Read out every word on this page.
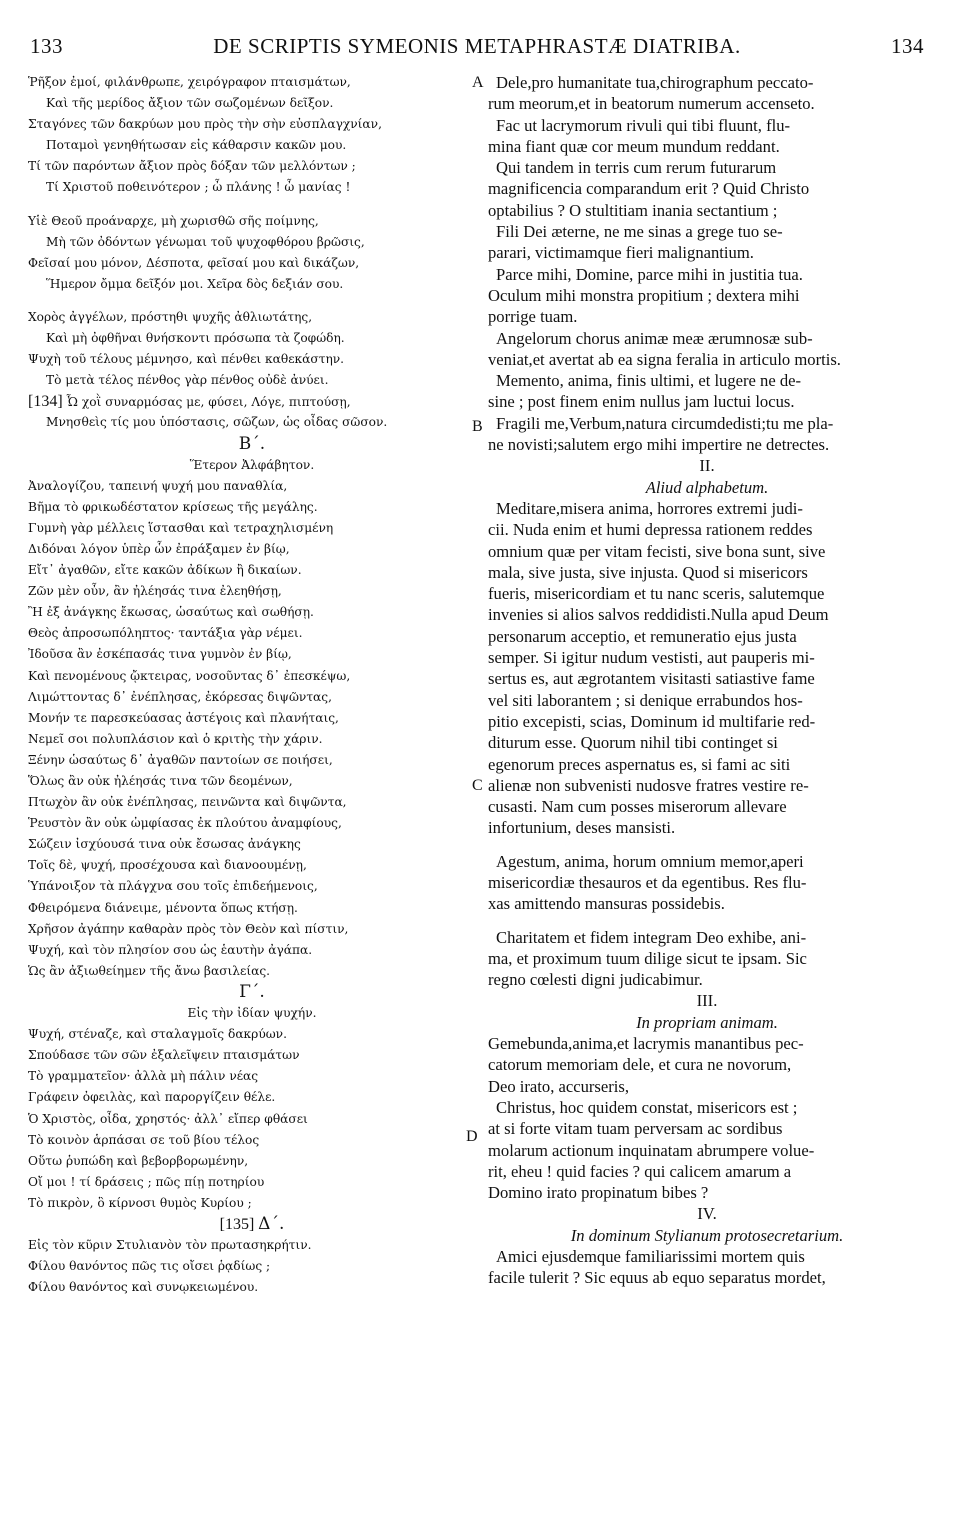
133	DE SCRIPTIS SYMEONIS METAPHRASTÆ DIATRIBA.	134
A
B
C
D
Ῥῆξον ἐμοί, φιλάνθρωπε, χειρόγραφον πταισμάτων,
Καὶ τῆς μερίδος ἄξιον τῶν σωζομένων δεῖξον.
Σταγόνες τῶν δακρύων μου πρὸς τὴν σὴν εὐσπλαγχνίαν,
Ποταμοὶ γενηθήτωσαν εἰς κάθαρσιν κακῶν μου.
Τί τῶν παρόντων ἄξιον πρὸς δόξαν τῶν μελλόντων ;
Τί Χριστοῦ ποθεινότερον ; ὦ πλάνης ! ὦ μανίας !
Υἱὲ Θεοῦ προάναρχε, μὴ χωρισθῶ σῆς ποίμνης,
Μὴ τῶν ὀδόντων γένωμαι τοῦ ψυχοφθόρου βρῶσις,
Φεῖσαί μου μόνον, Δέσποτα, φεῖσαί μου καὶ δικάζων,
Ἥμερον ὄμμα δεῖξόν μοι. Χεῖρα δὸς δεξιάν σου.
Χορὸς ἀγγέλων, πρόστηθι ψυχῆς ἀθλιωτάτης,
Καὶ μὴ ὀφθῆναι θνήσκοντι πρόσωπα τὰ ζοφώδη.
Ψυχὴ τοῦ τέλους μέμνησο, καὶ πένθει καθεκάστην.
Τὸ μετὰ τέλος πένθος γὰρ πένθος οὐδὲ ἀνύει.
[134] Ὦ χοῒ συναρμόσας με, φύσει, Λόγε, πιπτούσῃ,
Μνησθεὶς τίς μου ὑπόστασις, σῶζων, ὡς οἶδας σῶσον.
Β΄.
Ἕτερον Ἀλφάβητον.
Ἀναλογίζου, ταπεινή ψυχή μου παναθλία,
Βῆμα τὸ φρικωδέστατον κρίσεως τῆς μεγάλης.
Γυμνὴ γὰρ μέλλεις ἵστασθαι καὶ τετραχηλισμένη
Διδόναι λόγον ὑπὲρ ὧν ἐπράξαμεν ἐν βίῳ,
Εἴτ᾽ ἀγαθῶν, εἴτε κακῶν ἀδίκων ἢ δικαίων.
Ζῶν μὲν οὖν, ἂν ἠλέησάς τινα ἐλεηθήσῃ,
Ἢ ἐξ ἀνάγκης ἔκωσας, ὡσαύτως καὶ σωθήσῃ.
Θεὸς ἀπροσωπόληπτος· ταντάξια γὰρ νέμει.
Ἰδοῦσα ἂν ἐσκέπασάς τινα γυμνὸν ἐν βίῳ,
Καὶ πενομένους ᾤκτειρας, νοσοῦντας δ᾽ ἐπεσκέψω,
Λιμώττοντας δ᾽ ἐνέπλησας, ἐκόρεσας διψῶντας,
Μονήν τε παρεσκεύασας ἀστέγοις καὶ πλανήταις,
Νεμεῖ σοι πολυπλάσιον καὶ ὁ κριτὴς τὴν χάριν.
Ξένην ὡσαύτως δ᾽ ἀγαθῶν παντοίων σε ποιήσει,
Ὅλως ἂν οὐκ ἠλέησάς τινα τῶν δεομένων,
Πτωχὸν ἂν οὐκ ἐνέπλησας, πεινῶντα καὶ διψῶντα,
Ῥευστὸν ἂν οὐκ ὠμφίασας ἐκ πλούτου ἀναμφίους,
Σώζειν ἰσχύουσά τινα οὐκ ἔσωσας ἀνάγκης
Τοῖς δὲ, ψυχή, προσέχουσα καὶ διανοουμένῃ,
Ὑπάνοιξον τὰ πλάγχνα σου τοῖς ἐπιδεήμενοις,
Φθειρόμενα διάνειμε, μένοντα ὅπως κτήσῃ.
Χρῆσον ἀγάπην καθαρὰν πρὸς τὸν Θεὸν καὶ πίστιν,
Ψυχή, καὶ τὸν πλησίον σου ὡς ἑαυτὴν ἀγάπα.
Ὡς ἂν ἀξιωθείημεν τῆς ἄνω βασιλείας.
Γ΄.
Εἰς τὴν ἰδίαν ψυχήν.
Ψυχή, στέναζε, καὶ σταλαγμοῖς δακρύων.
Σπούδασε τῶν σῶν ἐξαλεῖψειν πταισμάτων
Τὸ γραμματεῖον· ἀλλὰ μὴ πάλιν νέας
Γράφειν ὀφειλὰς, καὶ παροργίζειν θέλε.
Ὁ Χριστὸς, οἶδα, χρηστός· ἀλλ᾽ εἴπερ φθάσει
Τὸ κοινὸν ἁρπάσαι σε τοῦ βίου τέλος
Οὕτω ῥυπώδη καὶ βεβορβορωμένην,
Οἴ μοι ! τί δράσεις ; πῶς πίῃ ποτηρίου
Τὸ πικρὸν, ὃ κίρνοσι θυμὸς Κυρίου ;
[135] Δ΄.
Εἰς τὸν κῦριν Στυλιανὸν τὸν πρωτασηκρήτιν.
Φίλου θανόντος πῶς τις οἴσει ῥᾳδίως ;
Φίλου θανόντος καὶ συνῳκειωμένου.
Dele,pro humanitate tua,chirographum peccato-
rum meorum,et in beatorum numerum accenseto.
Fac ut lacrymorum rivuli qui tibi fluunt, flu-
mina fiant quæ cor meum mundum reddant.
Qui tandem in terris cum rerum futurarum
magnificencia comparandum erit ? Quid Christo
optabilius ? O stultitiam inania sectantium ;
Fili Dei æterne, ne me sinas a grege tuo se-
parari, victimamque fieri malignantium.
Parce mihi, Domine, parce mihi in justitia tua.
Oculum mihi monstra propitium ; dextera mihi
porrige tuam.
Angelorum chorus animæ meæ ærumnosæ sub-
veniat,et avertat ab ea signa feralia in articulo mortis.
Memento, anima, finis ultimi, et lugere ne de-
sine ; post finem enim nullus jam luctui locus.
Fragili me,Verbum,natura circumdedisti;tu me pla-
ne novisti;salutem ergo mihi impertire ne detrectes.
II.
Aliud alphabetum.
Meditare,misera anima, horrores extremi judi-
cii. Nuda enim et humi depressa rationem reddes
omnium quæ per vitam fecisti, sive bona sunt, sive
mala, sive justa, sive injusta. Quod si misericors
fueris, misericordiam et tu nanc sceris, salutemque
invenies si alios salvos reddidisti.Nulla apud Deum
personarum acceptio, et remuneratio ejus justa
semper. Si igitur nudum vestisti, aut pauperis mi-
sertus es, aut ægrotantem visitasti satiastive fame
vel siti laborantem ; si denique errabundos hos-
pitio excepisti, scias, Dominum id multifarie red-
diturum esse. Quorum nihil tibi continget si
egenorum preces aspernatus es, si fami ac siti
alienæ non subvenisti nudosve fratres vestire re-
cusasti. Nam cum posses miserorum allevare
infortunium, deses mansisti.
Agestum, anima, horum omnium memor,aperi
misericordiæ thesauros et da egentibus. Res flu-
xas amittendo mansuras possidebis.
Charitatem et fidem integram Deo exhibe, ani-
ma, et proximum tuum dilige sicut te ipsam. Sic
regno cœlesti digni judicabimur.
III.
In propriam animam.
Gemebunda,anima,et lacrymis manantibus pec-
catorum memoriam dele, et cura ne novorum,
Deo irato, accurseris,
Christus, hoc quidem constat, misericors est ;
at si forte vitam tuam perversam ac sordibus
molarum actionum inquinatam abrumpere volue-
rit, eheu ! quid facies ? qui calicem amarum a
Domino irato propinatum bibes ?
IV.
In dominum Stylianum protosecretarium.
Amici ejusdemque familiarissimi mortem quis
facile tulerit ? Sic equus ab equo separatus mordet,
